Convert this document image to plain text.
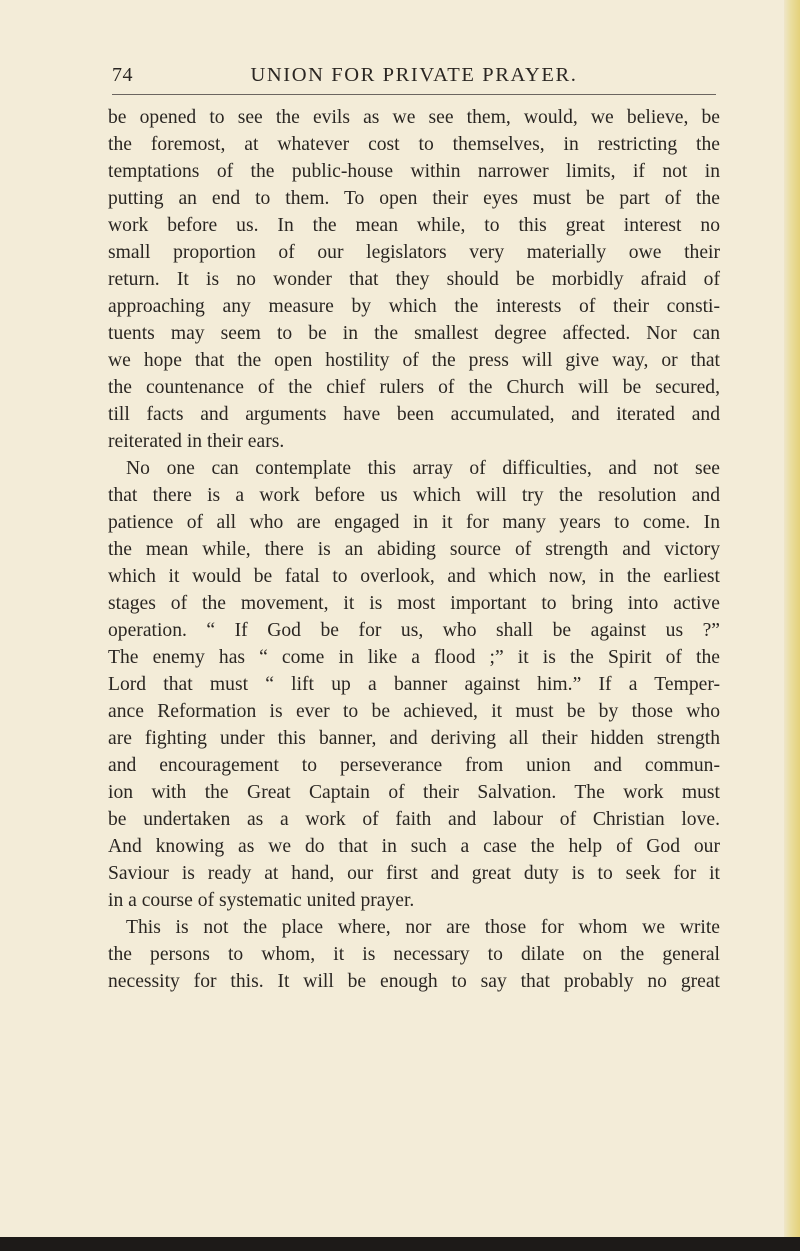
74	UNION FOR PRIVATE PRAYER.
be opened to see the evils as we see them, would, we believe, be
the foremost, at whatever cost to themselves, in restricting the
temptations of the public-house within narrower limits, if not in
putting an end to them. To open their eyes must be part of the
work before us. In the mean while, to this great interest no
small proportion of our legislators very materially owe their
return. It is no wonder that they should be morbidly afraid of
approaching any measure by which the interests of their consti-
tuents may seem to be in the smallest degree affected. Nor can
we hope that the open hostility of the press will give way, or that
the countenance of the chief rulers of the Church will be secured,
till facts and arguments have been accumulated, and iterated and
reiterated in their ears.
No one can contemplate this array of difficulties, and not see
that there is a work before us which will try the resolution and
patience of all who are engaged in it for many years to come. In
the mean while, there is an abiding source of strength and victory
which it would be fatal to overlook, and which now, in the earliest
stages of the movement, it is most important to bring into active
operation. “ If God be for us, who shall be against us ?”
The enemy has “ come in like a flood ;” it is the Spirit of the
Lord that must “ lift up a banner against him.” If a Temper-
ance Reformation is ever to be achieved, it must be by those who
are fighting under this banner, and deriving all their hidden strength
and encouragement to perseverance from union and commun-
ion with the Great Captain of their Salvation. The work must
be undertaken as a work of faith and labour of Christian love.
And knowing as we do that in such a case the help of God our
Saviour is ready at hand, our first and great duty is to seek for it
in a course of systematic united prayer.
This is not the place where, nor are those for whom we write
the persons to whom, it is necessary to dilate on the general
necessity for this. It will be enough to say that probably no great
